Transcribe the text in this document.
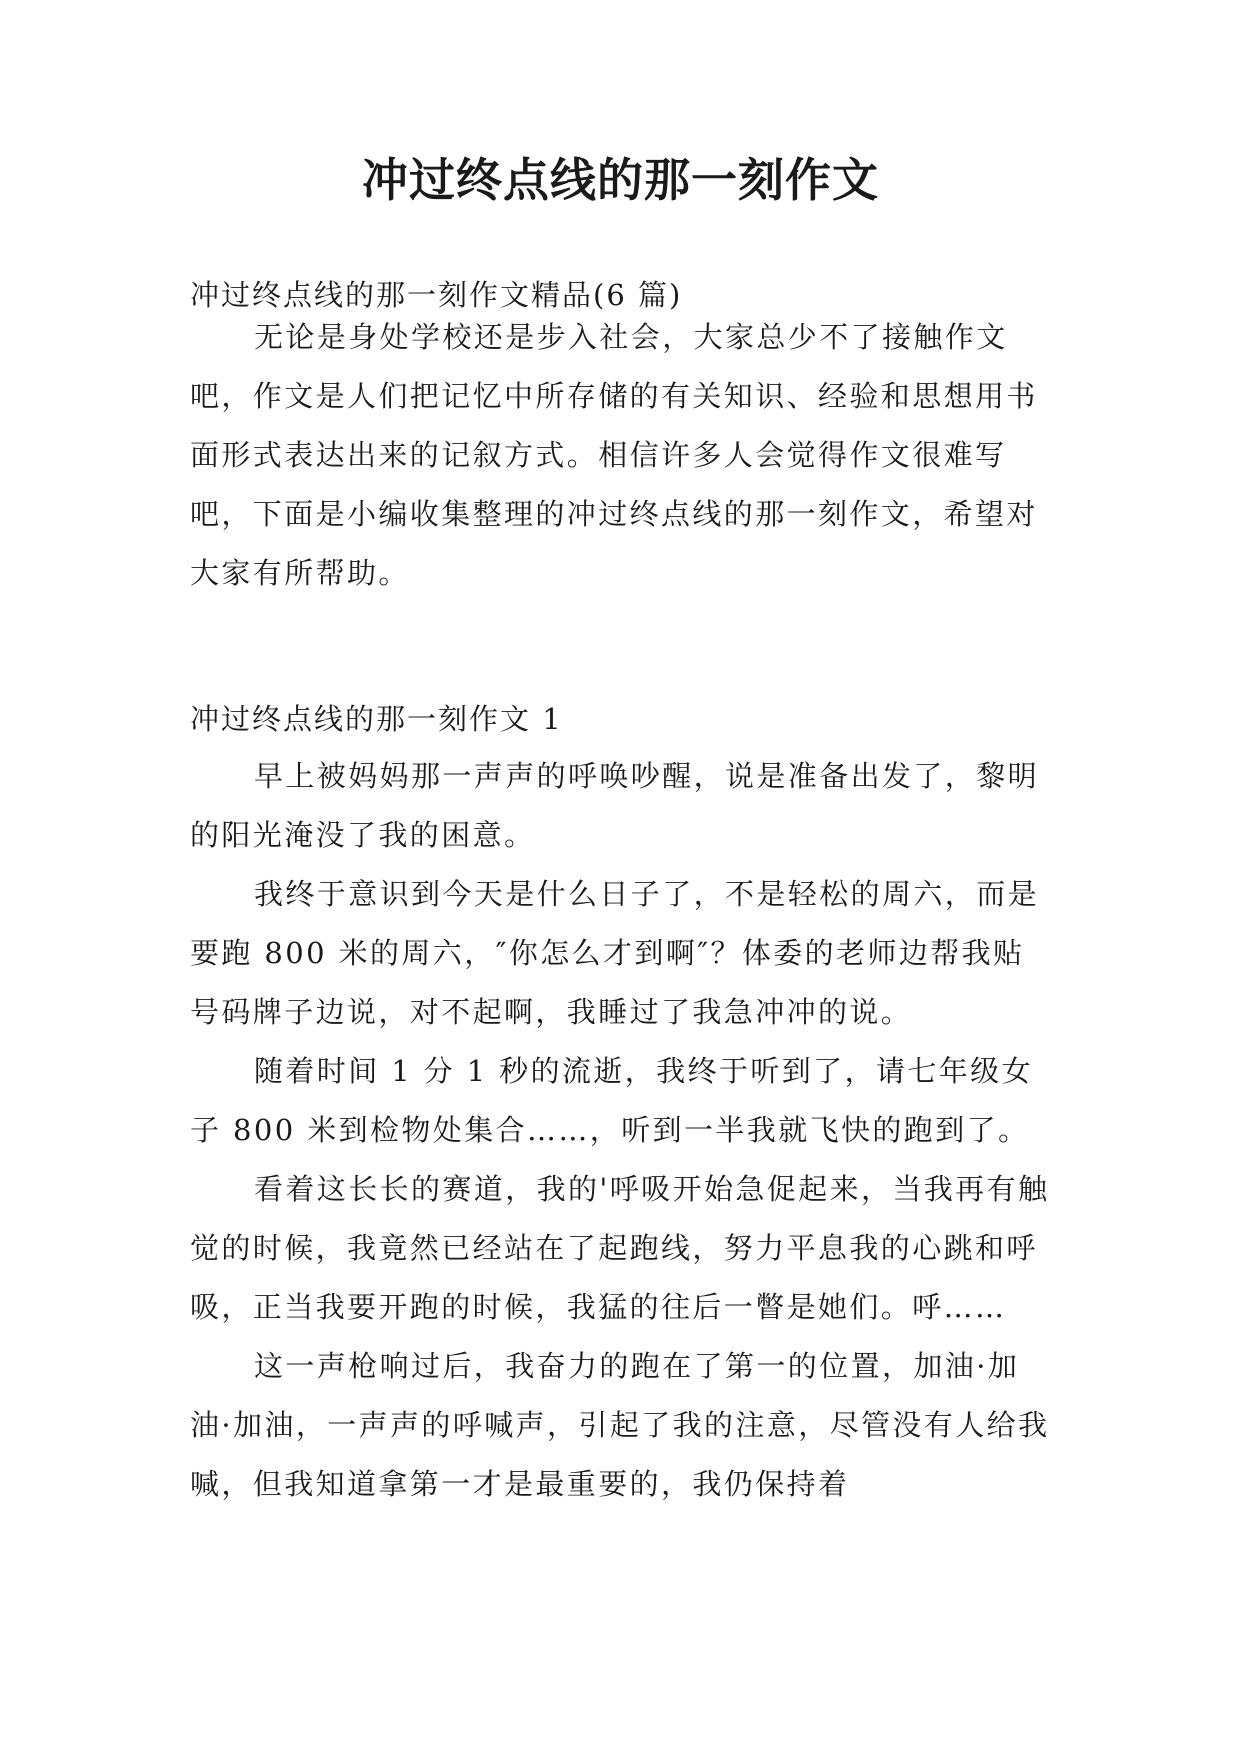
冲过终点线的那一刻作文

冲过终点线的那一刻作文精品(6 篇)

无论是身处学校还是步入社会，大家总少不了接触作文吧，作文是人们把记忆中所存储的有关知识、经验和思想用书面形式表达出来的记叙方式。相信许多人会觉得作文很难写吧，下面是小编收集整理的冲过终点线的那一刻作文，希望对大家有所帮助。

冲过终点线的那一刻作文 1

早上被妈妈那一声声的呼唤吵醒，说是准备出发了，黎明的阳光淹没了我的困意。

我终于意识到今天是什么日子了，不是轻松的周六，而是要跑 800 米的周六，″你怎么才到啊″？体委的老师边帮我贴号码牌子边说，对不起啊，我睡过了我急冲冲的说。

随着时间 1 分 1 秒的流逝，我终于听到了，请七年级女子 800 米到检物处集合……，听到一半我就飞快的跑到了。

看着这长长的赛道，我的'呼吸开始急促起来，当我再有触觉的时候，我竟然已经站在了起跑线，努力平息我的心跳和呼吸，正当我要开跑的时候，我猛的往后一瞥是她们。呼……

这一声枪响过后，我奋力的跑在了第一的位置，加油·加油·加油，一声声的呼喊声，引起了我的注意，尽管没有人给我喊，但我知道拿第一才是最重要的，我仍保持着
